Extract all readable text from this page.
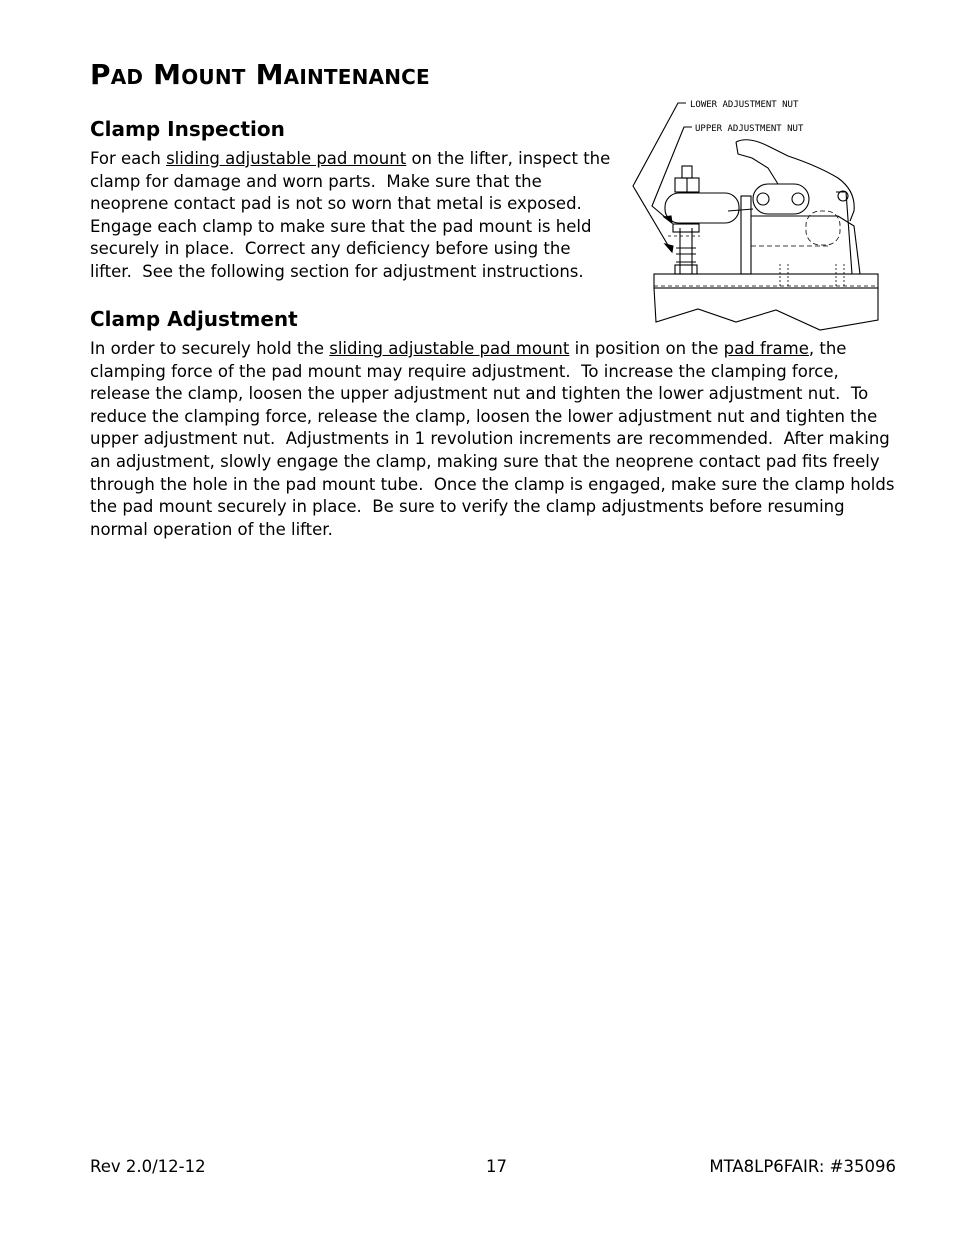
Pad Mount Maintenance
Clamp Inspection
For each sliding adjustable pad mount on the lifter, inspect the
clamp for damage and worn parts.  Make sure that the
neoprene contact pad is not so worn that metal is exposed.
Engage each clamp to make sure that the pad mount is held
securely in place.  Correct any deficiency before using the
lifter.  See the following section for adjustment instructions.
Clamp Adjustment
In order to securely hold the sliding adjustable pad mount in position on the pad frame, the
clamping force of the pad mount may require adjustment.  To increase the clamping force,
release the clamp, loosen the upper adjustment nut and tighten the lower adjustment nut.  To
reduce the clamping force, release the clamp, loosen the lower adjustment nut and tighten the
upper adjustment nut.  Adjustments in 1 revolution increments are recommended.  After making
an adjustment, slowly engage the clamp, making sure that the neoprene contact pad fits freely
through the hole in the pad mount tube.  Once the clamp is engaged, make sure the clamp holds
the pad mount securely in place.  Be sure to verify the clamp adjustments before resuming
normal operation of the lifter.
LOWER ADJUSTMENT NUT
UPPER ADJUSTMENT NUT
Rev 2.0/12-12	17	MTA8LP6FAIR: #35096
